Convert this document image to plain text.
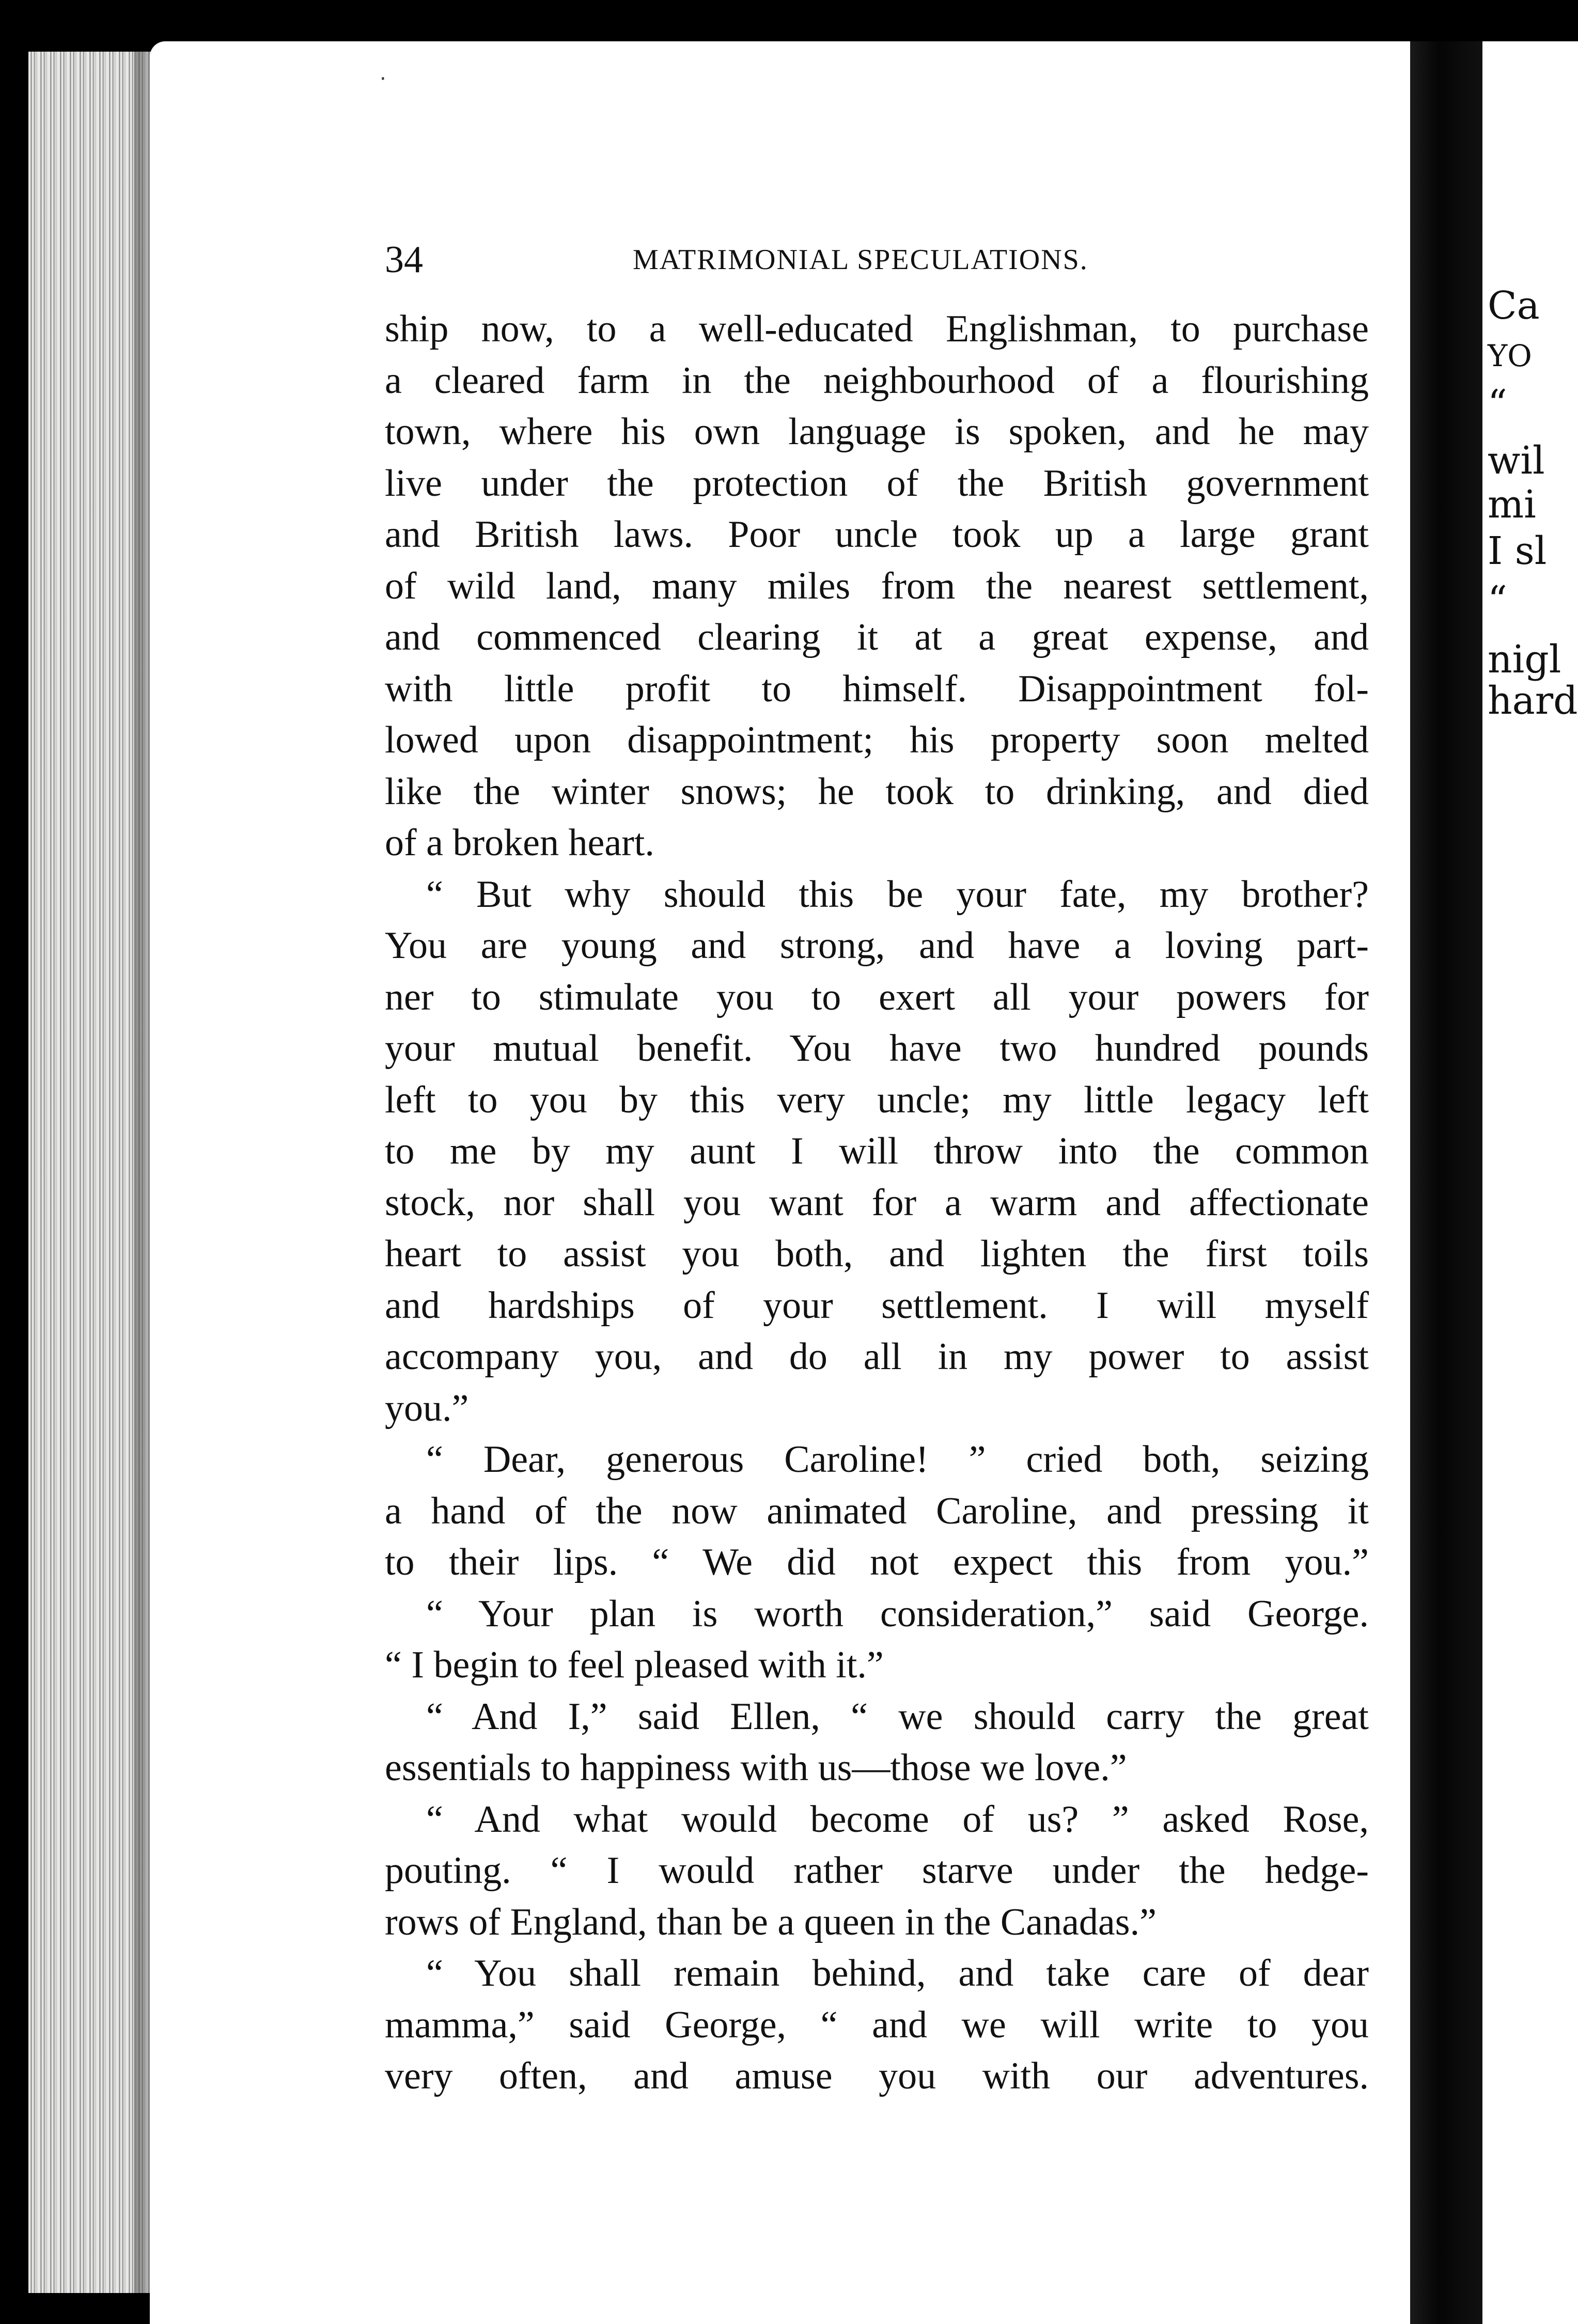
34	MATRIMONIAL SPECULATIONS.
ship now, to a well-educated Englishman, to purchase
a cleared farm in the neighbourhood of a flourishing
town, where his own language is spoken, and he may
live under the protection of the British government
and British laws. Poor uncle took up a large grant
of wild land, many miles from the nearest settlement,
and commenced clearing it at a great expense, and
with little profit to himself. Disappointment fol-
lowed upon disappointment; his property soon melted
like the winter snows; he took to drinking, and died
of a broken heart.
“ But why should this be your fate, my brother?
You are young and strong, and have a loving part-
ner to stimulate you to exert all your powers for
your mutual benefit. You have two hundred pounds
left to you by this very uncle; my little legacy left
to me by my aunt I will throw into the common
stock, nor shall you want for a warm and affectionate
heart to assist you both, and lighten the first toils
and hardships of your settlement. I will myself
accompany you, and do all in my power to assist
you.”
“ Dear, generous Caroline! ” cried both, seizing
a hand of the now animated Caroline, and pressing it
to their lips. “ We did not expect this from you.”
“ Your plan is worth consideration,” said George.
“ I begin to feel pleased with it.”
“ And I,” said Ellen, “ we should carry the great
essentials to happiness with us—those we love.”
“ And what would become of us? ” asked Rose,
pouting. “ I would rather starve under the hedge-
rows of England, than be a queen in the Canadas.”
“ You shall remain behind, and take care of dear
mamma,” said George, “ and we will write to you
very often, and amuse you with our adventures.
Ca
YO
“
wil
mi
I sl
“
nigl
hard
·
